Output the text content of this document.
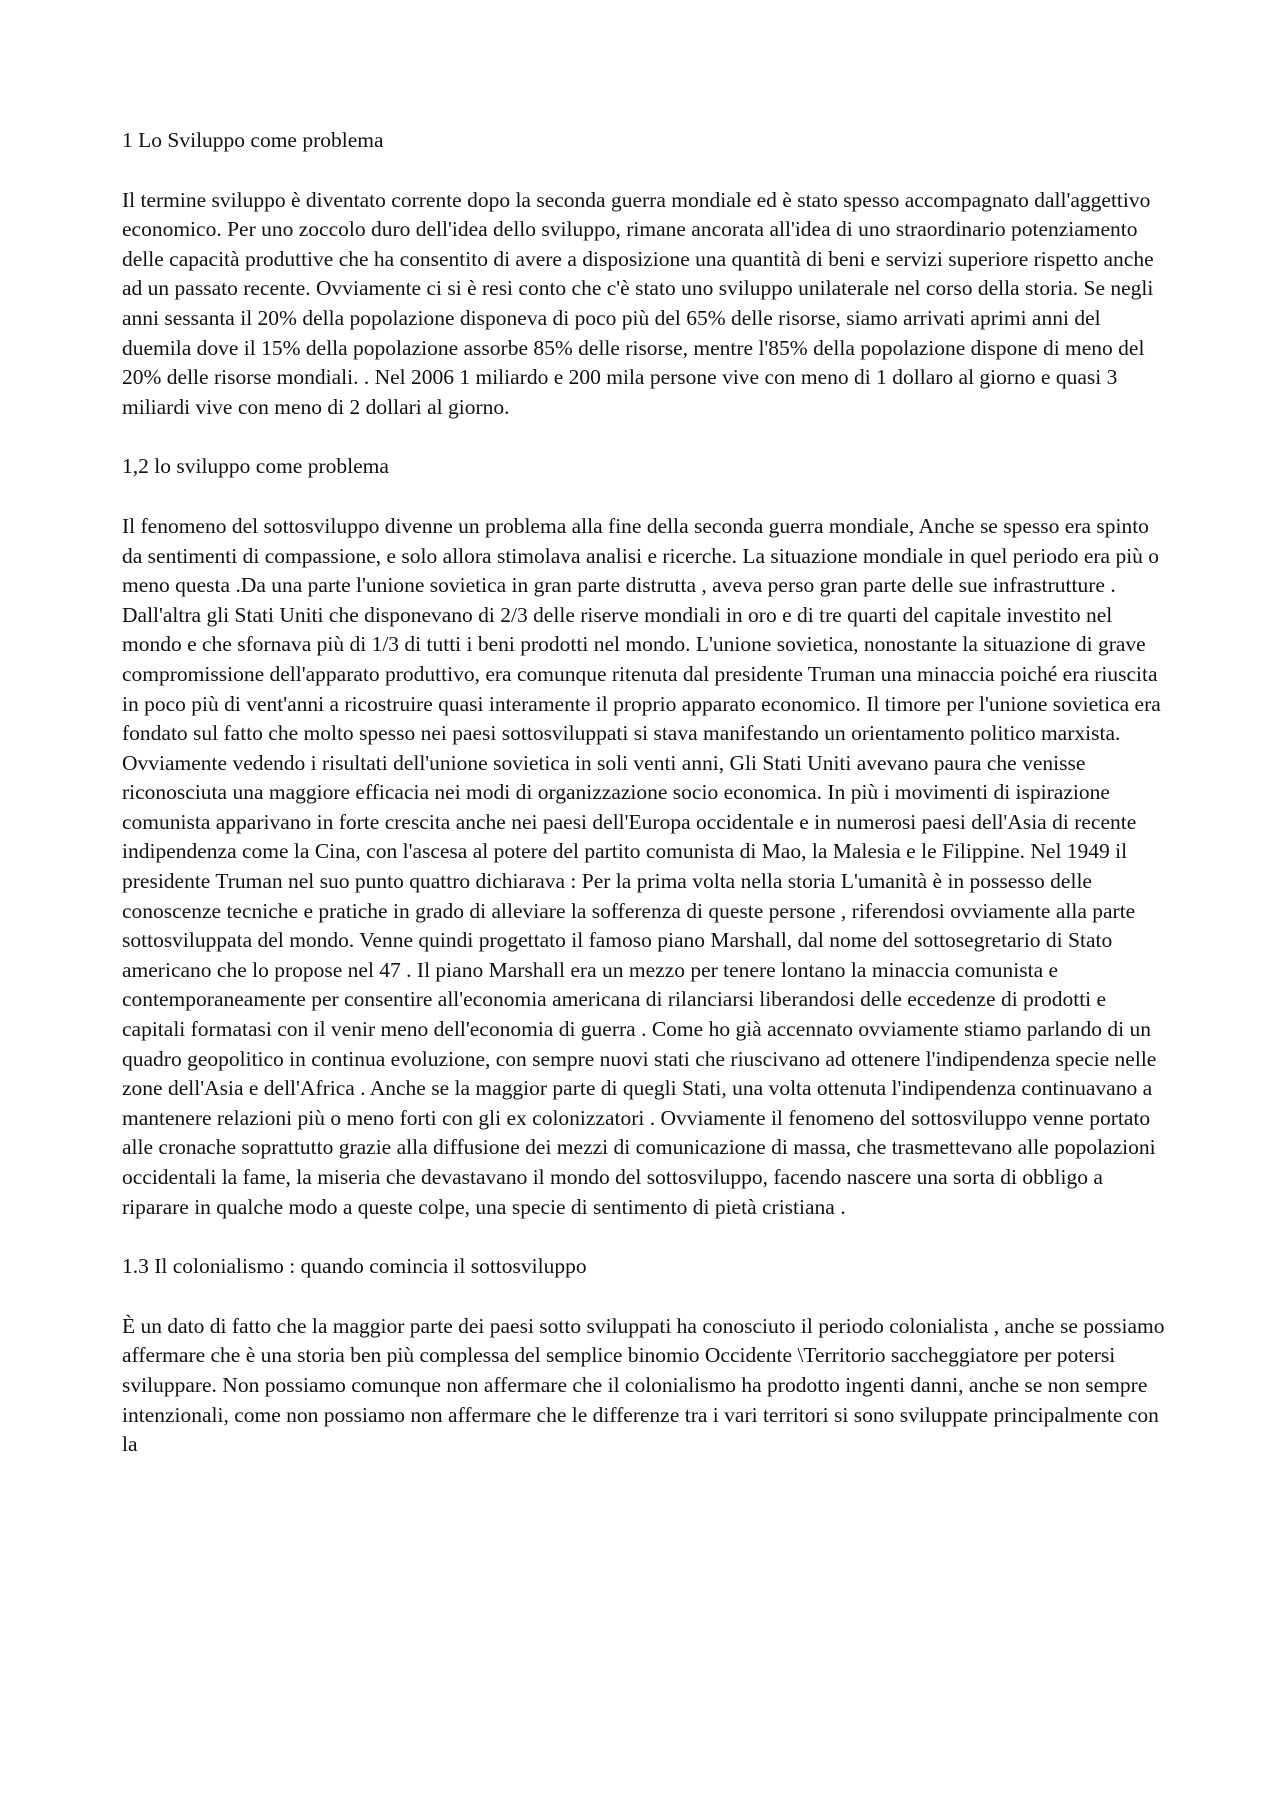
1 Lo Sviluppo come problema
Il termine sviluppo è diventato corrente dopo la seconda guerra mondiale ed è stato spesso accompagnato dall'aggettivo economico. Per uno zoccolo duro dell'idea dello sviluppo, rimane ancorata all'idea di uno straordinario potenziamento delle capacità produttive che ha consentito di avere a disposizione una quantità di beni e servizi superiore rispetto anche ad un passato recente. Ovviamente ci si è resi conto che c'è stato uno sviluppo unilaterale nel corso della storia. Se negli anni sessanta il 20% della popolazione disponeva di poco più del 65% delle risorse, siamo arrivati aprimi anni del duemila dove il 15% della popolazione assorbe 85% delle risorse, mentre l'85% della popolazione dispone di meno del 20% delle risorse mondiali. . Nel 2006 1 miliardo e 200 mila persone vive con meno di 1 dollaro al giorno e quasi 3 miliardi vive con meno di 2 dollari al giorno.
1,2 lo sviluppo come problema
Il fenomeno del sottosviluppo divenne un problema alla fine della seconda guerra mondiale, Anche se spesso era spinto da sentimenti di compassione, e solo allora stimolava analisi e ricerche. La situazione mondiale in quel periodo era più o meno questa .Da una parte l'unione sovietica in gran parte distrutta , aveva perso gran parte delle sue infrastrutture . Dall'altra gli Stati Uniti che disponevano di 2/3 delle riserve mondiali in oro e di tre quarti del capitale investito nel mondo e che sfornava più di 1/3 di tutti i beni prodotti nel mondo. L'unione sovietica, nonostante la situazione di grave compromissione dell'apparato produttivo, era comunque ritenuta dal presidente Truman una minaccia poiché era riuscita in poco più di vent'anni a ricostruire quasi interamente il proprio apparato economico. Il timore per l'unione sovietica era fondato sul fatto che molto spesso nei paesi sottosviluppati si stava manifestando un orientamento politico marxista. Ovviamente vedendo i risultati dell'unione sovietica in soli venti anni, Gli Stati Uniti avevano paura che venisse riconosciuta una maggiore efficacia nei modi di organizzazione socio economica. In più i movimenti di ispirazione comunista apparivano in forte crescita anche nei paesi dell'Europa occidentale e in numerosi paesi dell'Asia di recente indipendenza come la Cina, con l'ascesa al potere del partito comunista di Mao, la Malesia e le Filippine. Nel 1949 il presidente Truman nel suo punto quattro dichiarava : Per la prima volta nella storia L'umanità è in possesso delle conoscenze tecniche e pratiche in grado di alleviare la sofferenza di queste persone , riferendosi ovviamente alla parte sottosviluppata del mondo. Venne quindi progettato il famoso piano Marshall, dal nome del sottosegretario di Stato americano che lo propose nel 47 . Il piano Marshall era un mezzo per tenere lontano la minaccia comunista e contemporaneamente per consentire all'economia americana di rilanciarsi liberandosi delle eccedenze di prodotti e capitali formatasi con il venir meno dell'economia di guerra . Come ho già accennato ovviamente stiamo parlando di un quadro geopolitico in continua evoluzione, con sempre nuovi stati che riuscivano ad ottenere l'indipendenza specie nelle zone dell'Asia e dell'Africa . Anche se la maggior parte di quegli Stati, una volta ottenuta l'indipendenza continuavano a mantenere relazioni più o meno forti con gli ex colonizzatori . Ovviamente il fenomeno del sottosviluppo venne portato alle cronache soprattutto grazie alla diffusione dei mezzi di comunicazione di massa, che trasmettevano alle popolazioni occidentali la fame, la miseria che devastavano il mondo del sottosviluppo, facendo nascere una sorta di obbligo a riparare in qualche modo a queste colpe, una specie di sentimento di pietà cristiana .
1.3 Il colonialismo : quando comincia il sottosviluppo
È un dato di fatto che la maggior parte dei paesi sotto sviluppati ha conosciuto il periodo colonialista , anche se possiamo affermare che è una storia ben più complessa del semplice binomio Occidente \Territorio saccheggiatore per potersi sviluppare. Non possiamo comunque non affermare che il colonialismo ha prodotto ingenti danni, anche se non sempre intenzionali, come non possiamo non affermare che le differenze tra i vari territori si sono sviluppate principalmente con la
